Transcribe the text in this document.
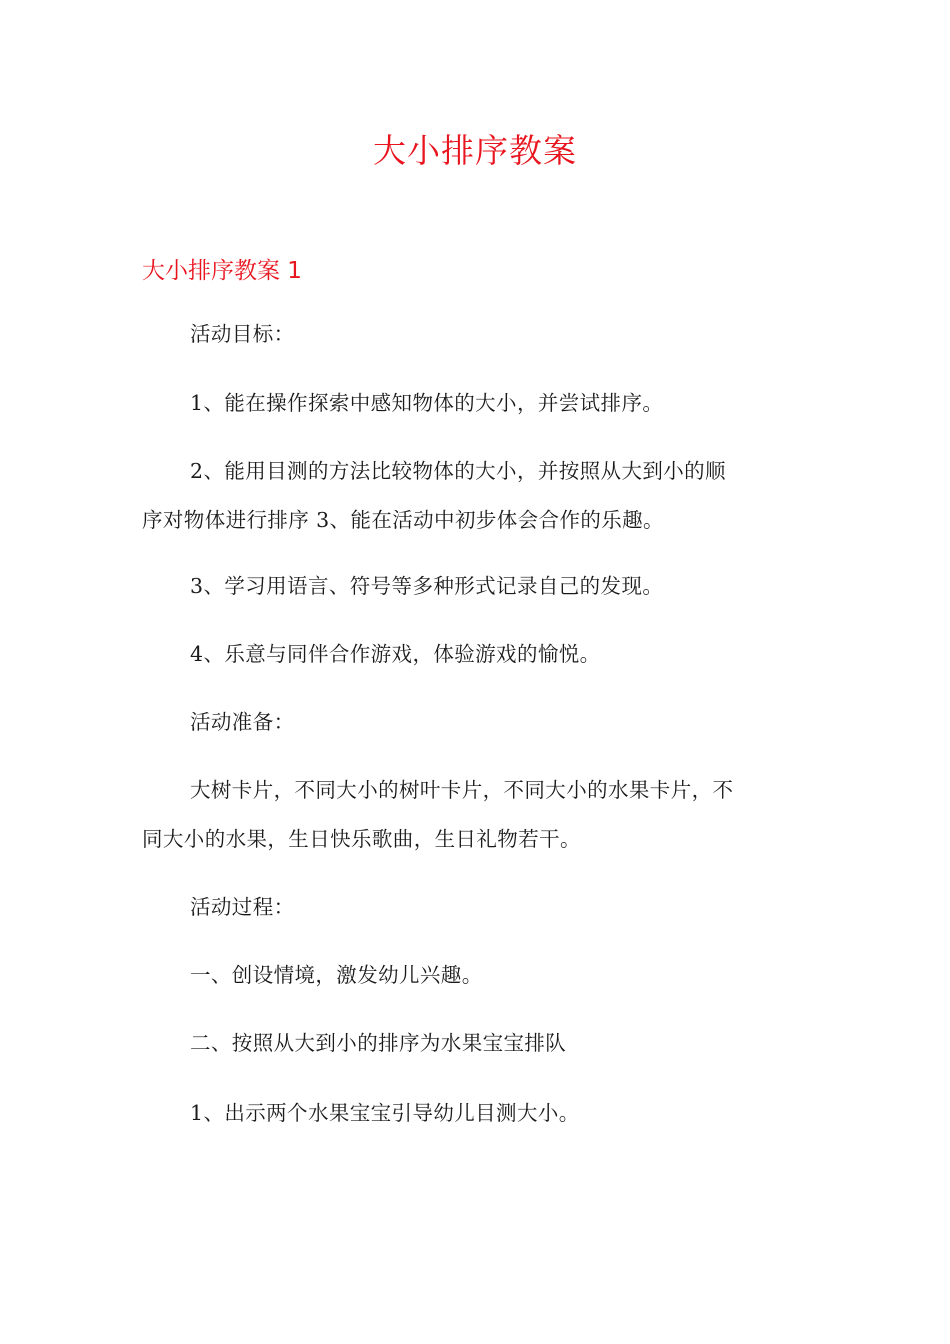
大小排序教案
大小排序教案 1
活动目标：
1、能在操作探索中感知物体的大小，并尝试排序。
2、能用目测的方法比较物体的大小，并按照从大到小的顺
序对物体进行排序 3、能在活动中初步体会合作的乐趣。
3、学习用语言、符号等多种形式记录自己的发现。
4、乐意与同伴合作游戏，体验游戏的愉悦。
活动准备：
大树卡片，不同大小的树叶卡片，不同大小的水果卡片，不
同大小的水果，生日快乐歌曲，生日礼物若干。
活动过程：
一、创设情境，激发幼儿兴趣。
二、按照从大到小的排序为水果宝宝排队
1、出示两个水果宝宝引导幼儿目测大小。
